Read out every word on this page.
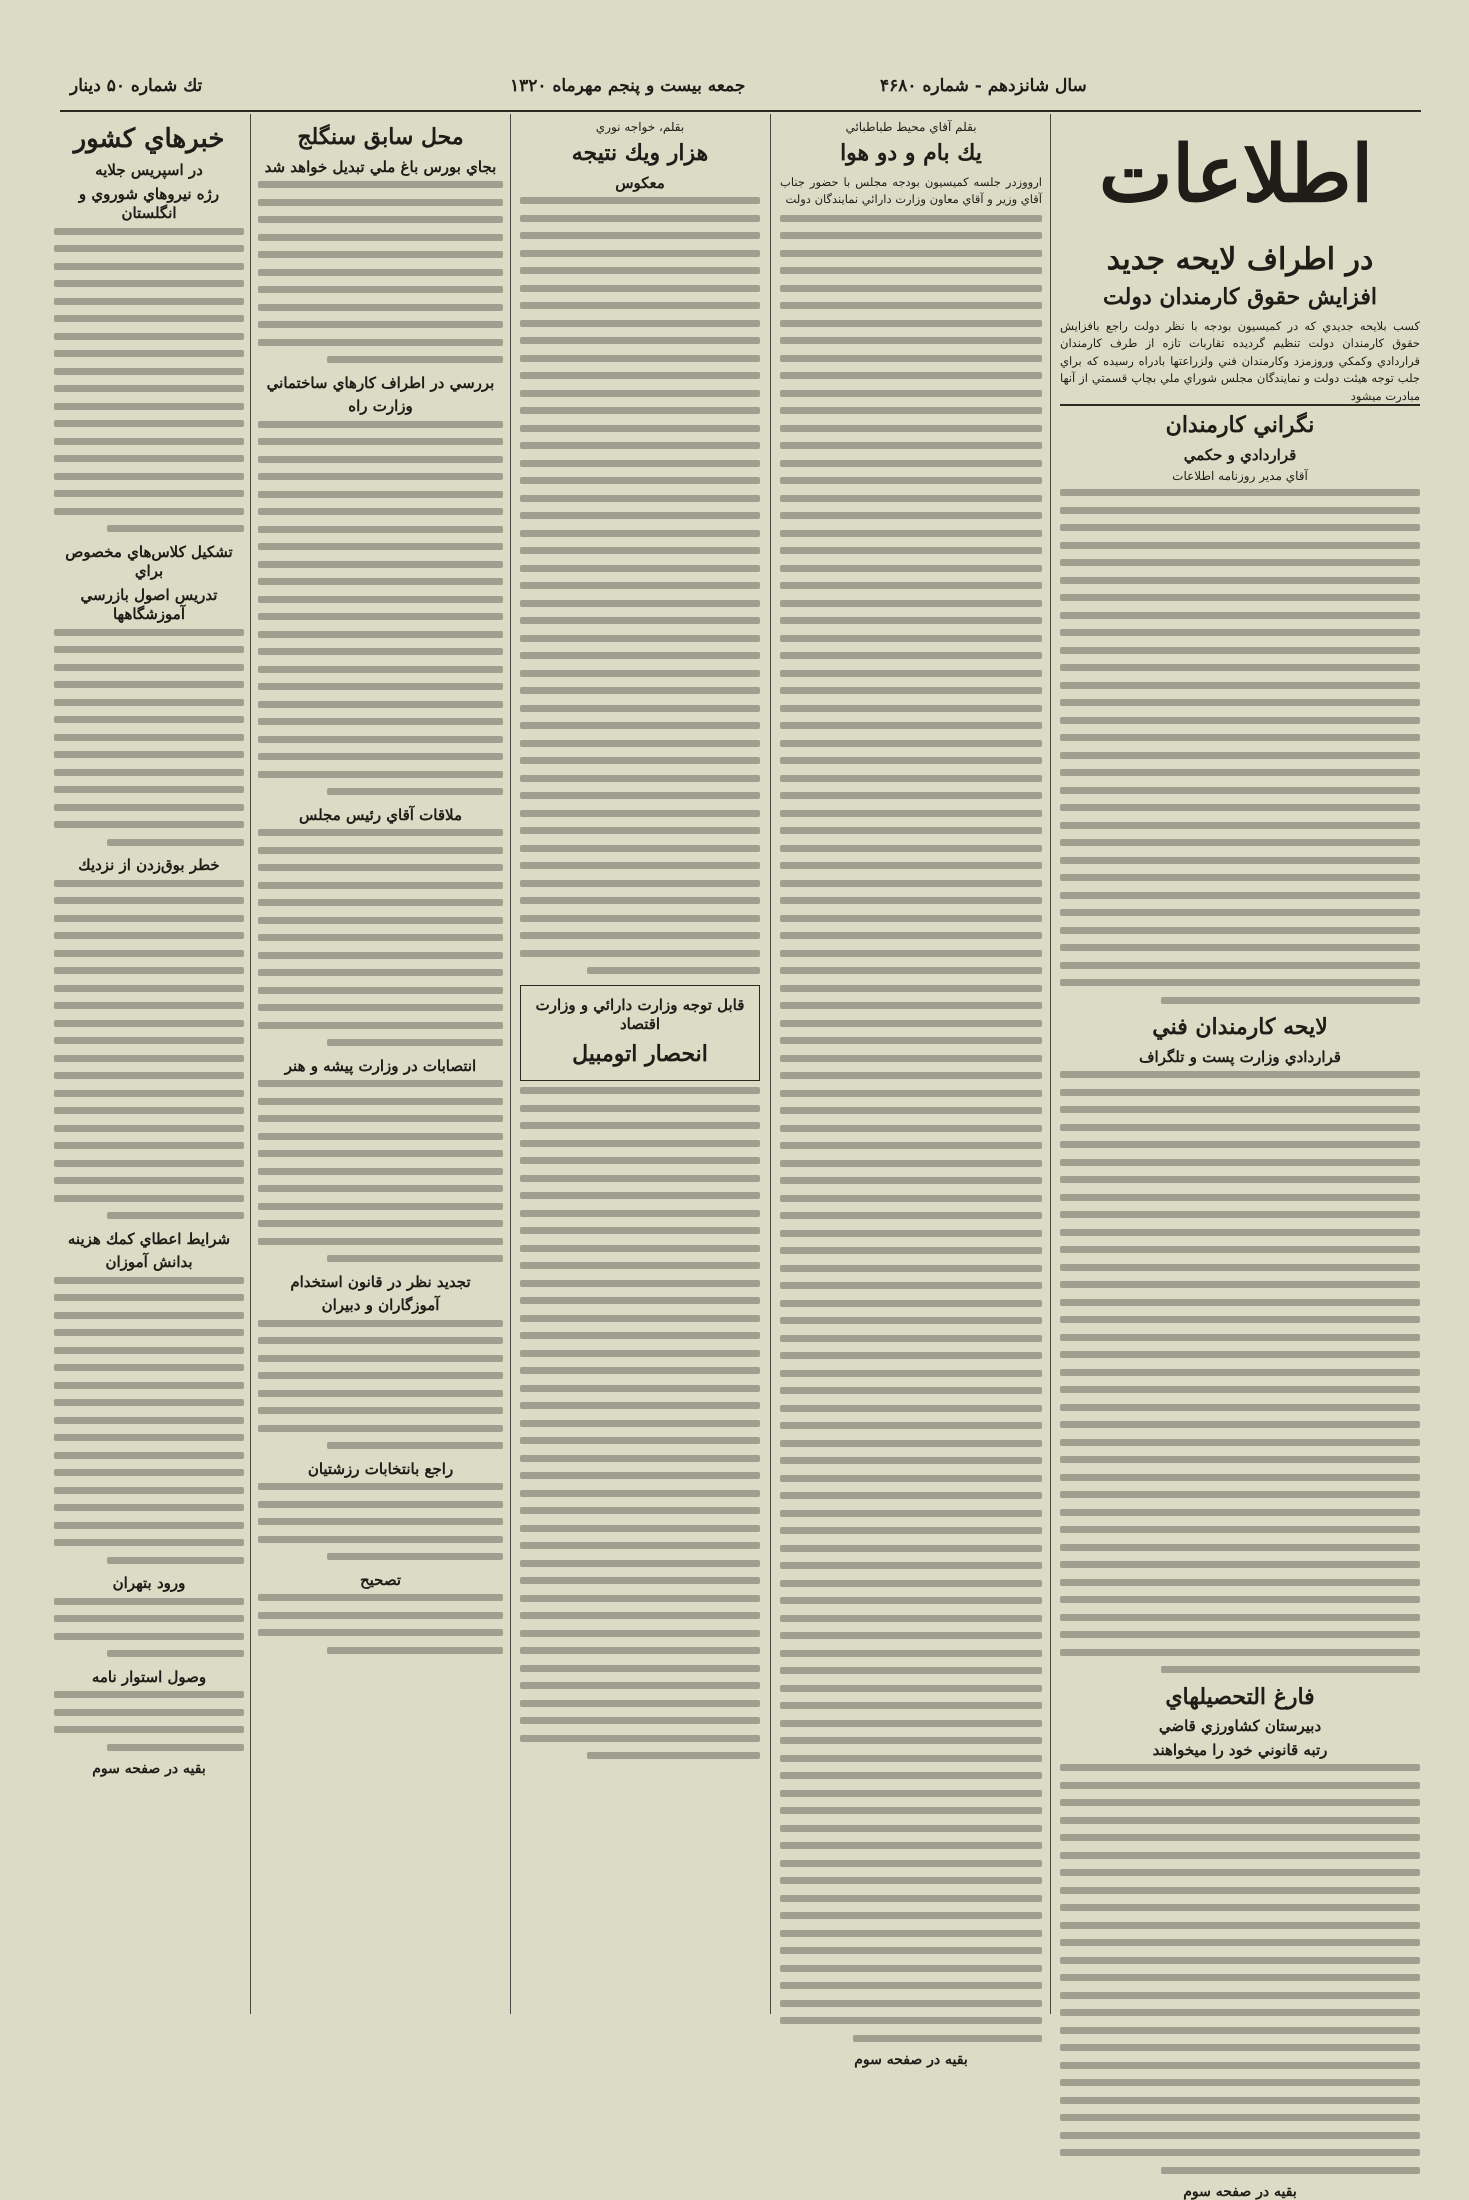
تك شماره ۵۰ دينار	جمعه بيست و پنجم مهرماه ۱۳۲۰	سال شانزدهم - شماره ۴۶۸۰
اطلاعات
در اطراف لايحه جديد
افزايش حقوق كارمندان دولت
كسب بلايحه جديدي كه در كميسيون بودجه با نظر دولت راجع بافزايش حقوق كارمندان دولت تنظيم گرديده تقاربات تازه از طرف كارمندان قراردادي وكمكي وروزمزد وكارمندان فني ولزراعتها بادراه رسيده كه براي جلب توجه هيئت دولت و نمايندگان مجلس شوراي ملي بچاپ قسمتي از آنها مبادرت ميشود
نگراني كارمندان
قراردادي و حكمي
آقاي مدير روزنامه اطلاعات
لايحه كارمندان فني
قراردادي وزارت پست و تلگراف
فارغ التحصيلهاي
دبيرستان كشاورزي قاضي
رتبه قانوني خود را ميخواهند
بقيه در صفحه سوم
بقلم آقاي محيط طباطبائي
يك بام و دو هوا
ارووزدر جلسه كميسيون بودجه مجلس با حضور جناب آقاي وزير و آقاي معاون وزارت دارائي نمايندگان دولت
بقيه در صفحه سوم
بقلم، خواجه نوري
هزار ويك نتيجه
معكوس
قابل توجه وزارت دارائي و وزارت اقتصاد
انحصار اتومبيل
محل سابق سنگلج
بجاي بورس باغ ملي تبديل خواهد شد
بررسي در اطراف كارهاي ساختماني
وزارت راه
ملاقات آقاي رئيس مجلس
انتصابات در وزارت پيشه و هنر
تجديد نظر در قانون استخدام
آموزگاران و دبيران
راجع بانتخابات رزشتيان
تصحيح
خبرهاي كشور
در اسپريس جلايه
رژه نيروهاي شوروي و انگلستان
تشكيل كلاس‌هاي مخصوص براي
تدريس اصول بازرسي آموزشگاهها
خطر بوق‌زدن از نزديك
شرايط اعطاي كمك هزينه
بدانش آموزان
ورود بتهران
وصول استوار نامه
بقيه در صفحه سوم
